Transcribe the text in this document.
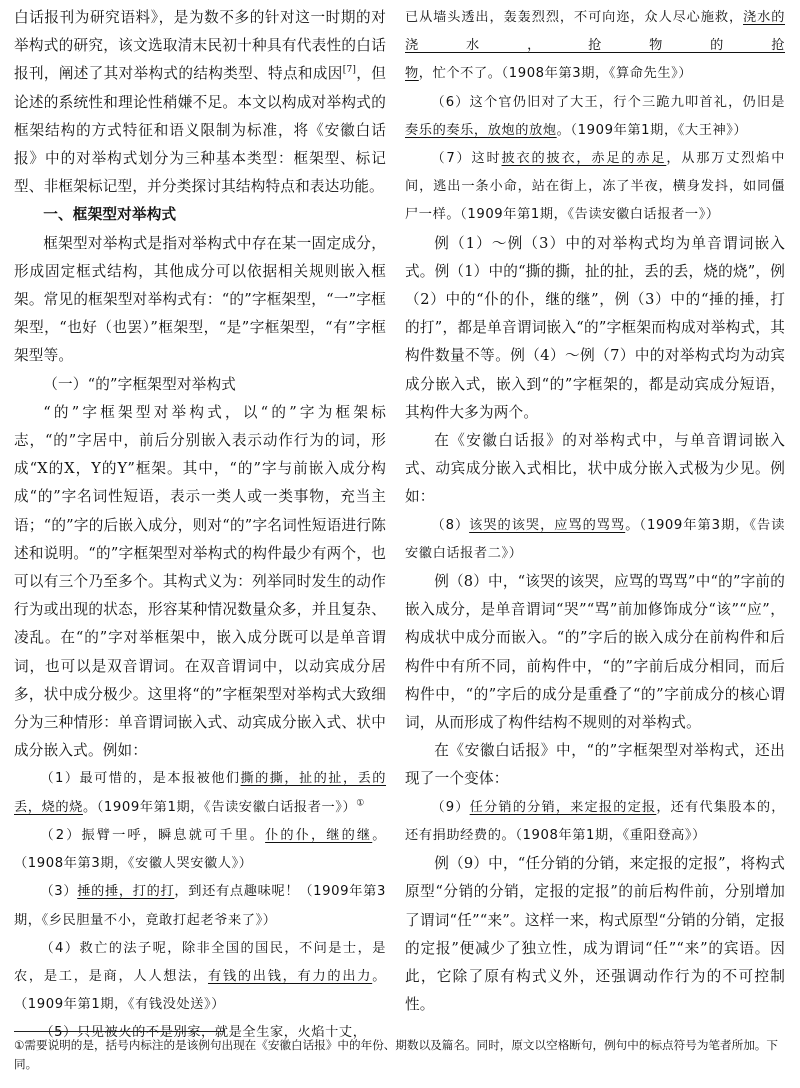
白话报刊为研究语料》，是为数不多的针对这一时期的对举构式的研究，该文选取清末民初十种具有代表性的白话报刊，阐述了其对举构式的结构类型、特点和成因[7]，但论述的系统性和理论性稍嫌不足。本文以构成对举构式的框架结构的方式特征和语义限制为标准，将《安徽白话报》中的对举构式划分为三种基本类型：框架型、标记型、非框架标记型，并分类探讨其结构特点和表达功能。

一、框架型对举构式

框架型对举构式是指对举构式中存在某一固定成分，形成固定框式结构，其他成分可以依据相关规则嵌入框架。常见的框架型对举构式有：“的”字框架型，“一”字框架型，“也好（也罢）”框架型，“是”字框架型，“有”字框架型等。

（一）“的”字框架型对举构式

“的”字框架型对举构式，以“的”字为框架标志，“的”字居中，前后分别嵌入表示动作行为的词，形成“X的X，Y的Y”框架。其中，“的”字与前嵌入成分构成“的”字名词性短语，表示一类人或一类事物，充当主语；“的”字的后嵌入成分，则对“的”字名词性短语进行陈述和说明。“的”字框架型对举构式的构件最少有两个，也可以有三个乃至多个。其构式义为：列举同时发生的动作行为或出现的状态，形容某种情况数量众多，并且复杂、凌乱。在“的”字对举框架中，嵌入成分既可以是单音谓词，也可以是双音谓词。在双音谓词中，以动宾成分居多，状中成分极少。这里将“的”字框架型对举构式大致细分为三种情形：单音谓词嵌入式、动宾成分嵌入式、状中成分嵌入式。例如：

（1）最可惜的，是本报被他们撕的撕，扯的扯，丢的丢，烧的烧。（1909年第1期，《告读安徽白话报者一》）①

（2）振臂一呼，瞬息就可千里。仆的仆，继的继。（1908年第3期，《安徽人哭安徽人》）

（3）捶的捶，打的打，到还有点趣味呢！（1909年第3期，《乡民胆量不小，竟敢打起老爷来了》）

（4）救亡的法子呢，除非全国的国民，不问是士，是农，是工，是商，人人想法，有钱的出钱，有力的出力。（1909年第1期，《有钱没处送》）

（5）只见被火的不是别家，就是全生家，火焰十丈，

已从墙头透出，轰轰烈烈，不可向迩，众人尽心施救，浇水的浇水，抢物的抢物，忙个不了。（1908年第3期，《算命先生》）

（6）这个官仍旧对了大王，行个三跪九叩首礼，仍旧是奏乐的奏乐，放炮的放炮。（1909年第1期，《大王神》）

（7）这时披衣的披衣，赤足的赤足，从那万丈烈焰中间，逃出一条小命，站在街上，冻了半夜，横身发抖，如同僵尸一样。（1909年第1期，《告读安徽白话报者一》）

例（1）～例（3）中的对举构式均为单音谓词嵌入式。例（1）中的“撕的撕，扯的扯，丢的丢，烧的烧”，例（2）中的“仆的仆，继的继”，例（3）中的“捶的捶，打的打”，都是单音谓词嵌入“的”字框架而构成对举构式，其构件数量不等。例（4）～例（7）中的对举构式均为动宾成分嵌入式，嵌入到“的”字框架的，都是动宾成分短语，其构件大多为两个。

在《安徽白话报》的对举构式中，与单音谓词嵌入式、动宾成分嵌入式相比，状中成分嵌入式极为少见。例如：

（8）该哭的该哭，应骂的骂骂。（1909年第3期，《告读安徽白话报者二》）

例（8）中，“该哭的该哭，应骂的骂骂”中“的”字前的嵌入成分，是单音谓词“哭”“骂”前加修饰成分“该”“应”，构成状中成分而嵌入。“的”字后的嵌入成分在前构件和后构件中有所不同，前构件中，“的”字前后成分相同，而后构件中，“的”字后的成分是重叠了“的”字前成分的核心谓词，从而形成了构件结构不规则的对举构式。

在《安徽白话报》中，“的”字框架型对举构式，还出现了一个变体：

（9）任分销的分销，来定报的定报，还有代集股本的，还有捐助经费的。（1908年第1期，《重阳登高》）

例（9）中，“任分销的分销，来定报的定报”，将构式原型“分销的分销，定报的定报”的前后构件前，分别增加了谓词“任”“来”。这样一来，构式原型“分销的分销，定报的定报”便减少了独立性，成为谓词“任”“来”的宾语。因此，它除了原有构式义外，还强调动作行为的不可控制性。

①需要说明的是，括号内标注的是该例句出现在《安徽白话报》中的年份、期数以及篇名。同时，原文以空格断句，例句中的标点符号为笔者所加。下同。
